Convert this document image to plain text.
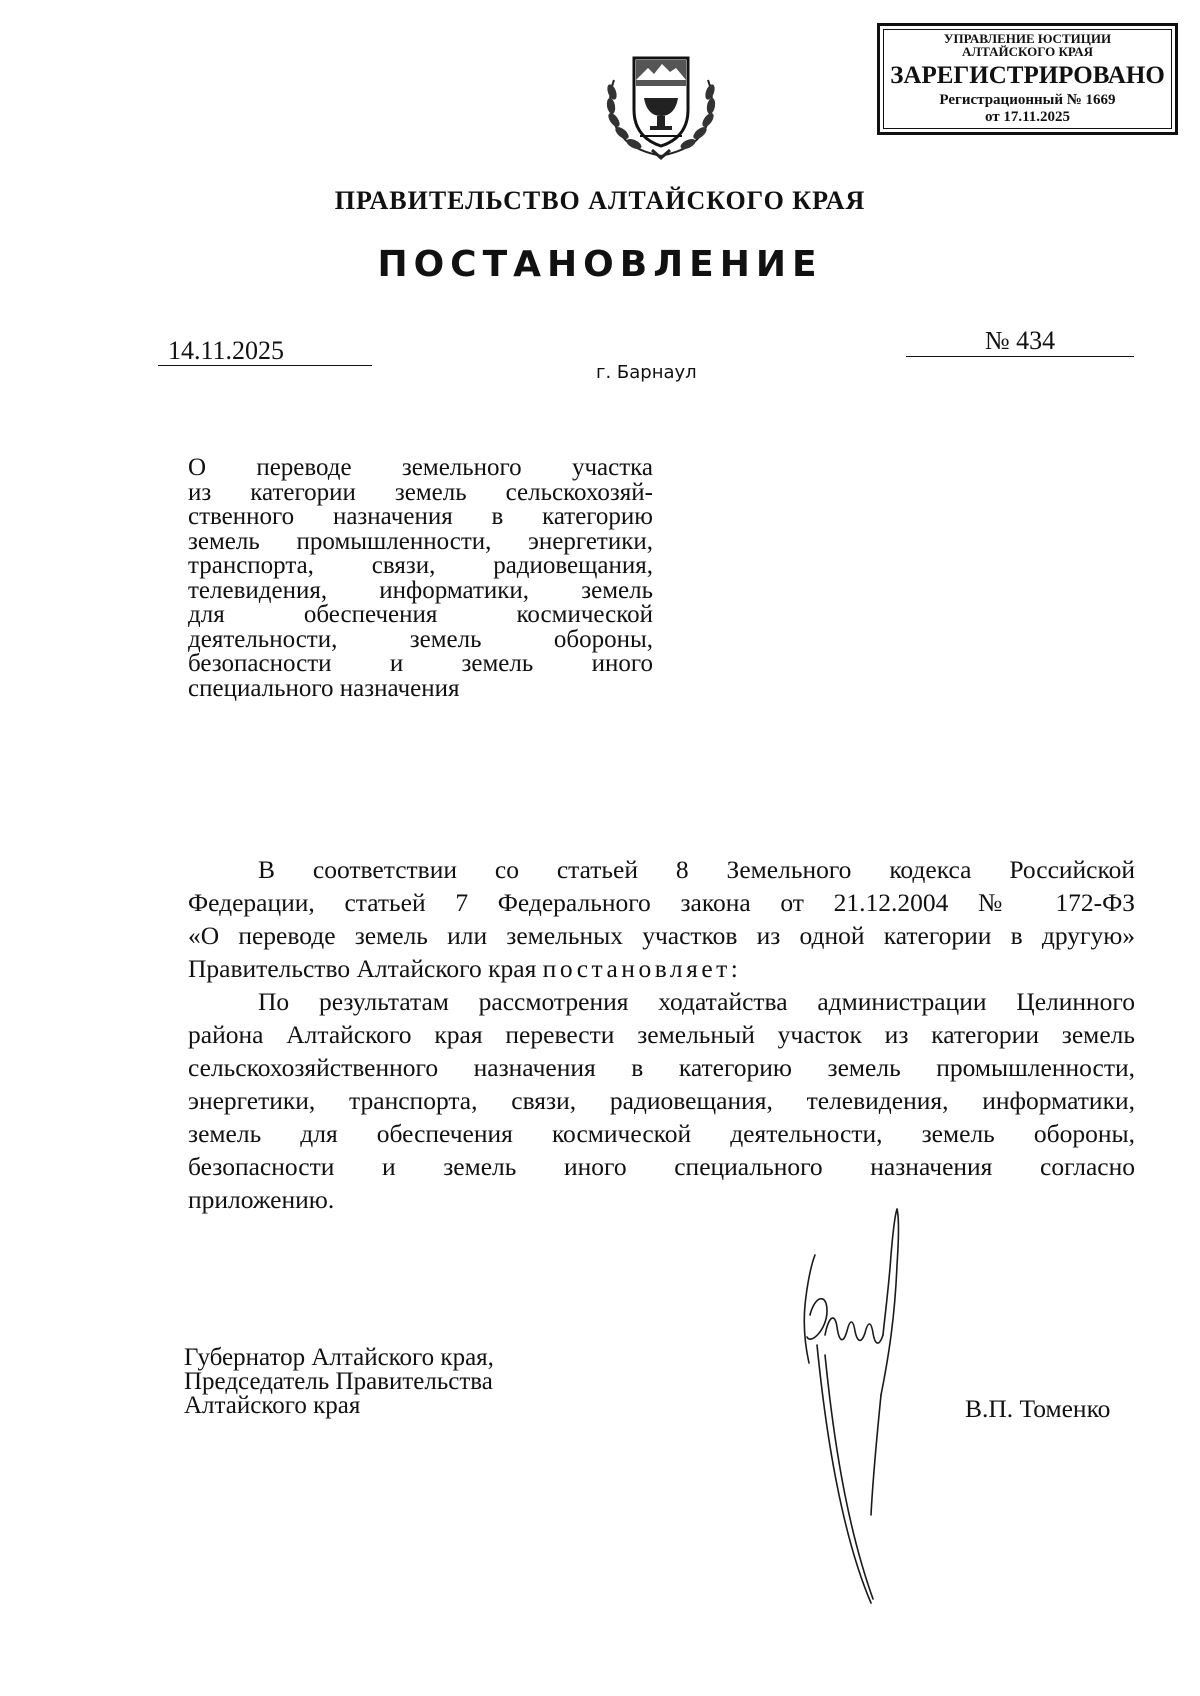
УПРАВЛЕНИЕ ЮСТИЦИИ
АЛТАЙСКОГО КРАЯ
ЗАРЕГИСТРИРОВАНО
Регистрационный № 1669
от 17.11.2025
ПРАВИТЕЛЬСТВО АЛТАЙСКОГО КРАЯ
ПОСТАНОВЛЕНИЕ
14.11.2025	№ 434
г. Барнаул
О переводе земельного участка
из категории земель сельскохозяй-
ственного назначения в категорию
земель промышленности, энергетики,
транспорта, связи, радиовещания,
телевидения, информатики, земель
для обеспечения космической
деятельности, земель обороны,
безопасности и земель иного
специального назначения
В соответствии со статьей 8 Земельного кодекса Российской
Федерации, статьей 7 Федерального закона от 21.12.2004 № 172-ФЗ
«О переводе земель или земельных участков из одной категории в другую»
Правительство Алтайского края постановляет:
По результатам рассмотрения ходатайства администрации Целинного
района Алтайского края перевести земельный участок из категории земель
сельскохозяйственного назначения в категорию земель промышленности,
энергетики, транспорта, связи, радиовещания, телевидения, информатики,
земель для обеспечения космической деятельности, земель обороны,
безопасности и земель иного специального назначения согласно
приложению.
Губернатор Алтайского края,
Председатель Правительства
Алтайского края	В.П. Томенко
